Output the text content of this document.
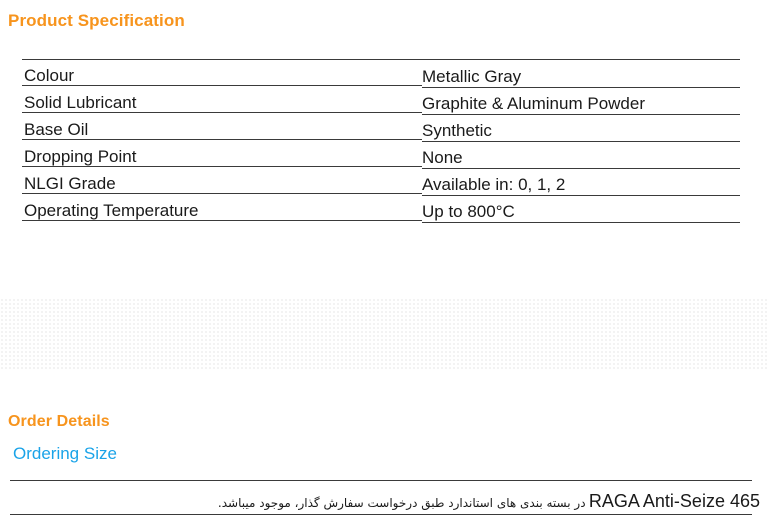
Product Specification
Colour	Metallic Gray
Solid Lubricant	Graphite & Aluminum Powder
Base Oil	Synthetic
Dropping Point	None
NLGI Grade	Available in: 0, 1, 2
Operating Temperature	Up to 800°C
Order Details
Ordering Size
RAGA Anti-Seize 465 در بسته بندی های استاندارد طبق درخواست سفارش گذار، موجود میباشد.
